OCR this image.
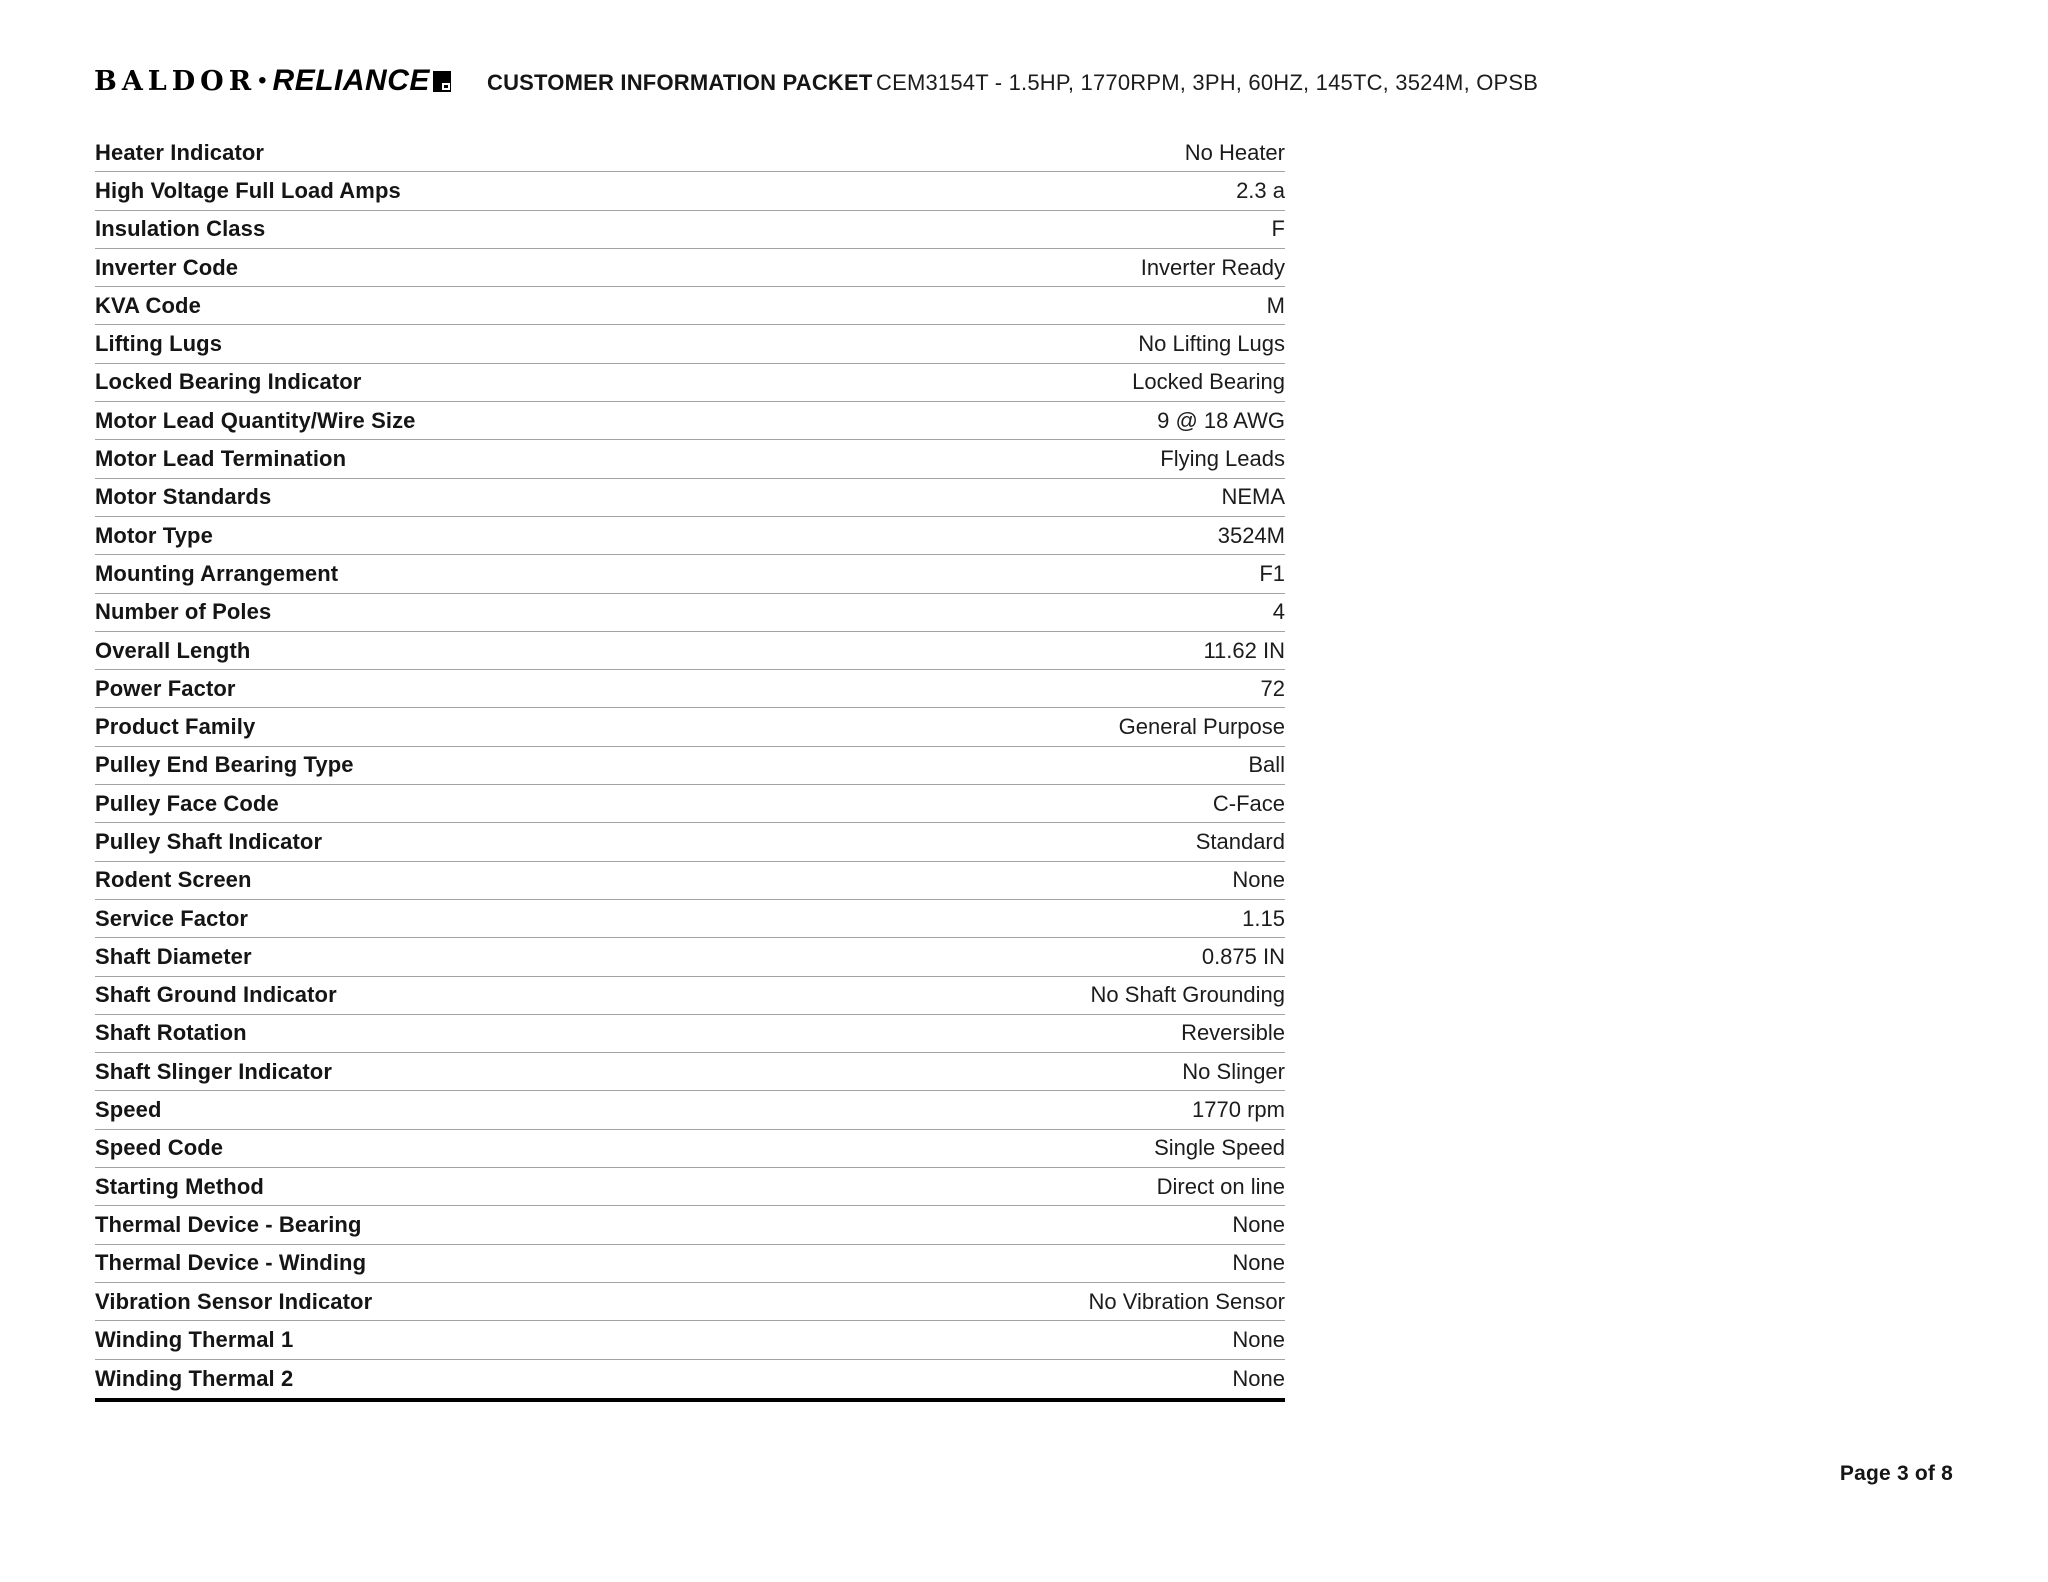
BALDOR • RELIANCE	CUSTOMER INFORMATION PACKET CEM3154T - 1.5HP, 1770RPM, 3PH, 60HZ, 145TC, 3524M, OPSB
Heater Indicator	No Heater
High Voltage Full Load Amps	2.3 a
Insulation Class	F
Inverter Code	Inverter Ready
KVA Code	M
Lifting Lugs	No Lifting Lugs
Locked Bearing Indicator	Locked Bearing
Motor Lead Quantity/Wire Size	9 @ 18 AWG
Motor Lead Termination	Flying Leads
Motor Standards	NEMA
Motor Type	3524M
Mounting Arrangement	F1
Number of Poles	4
Overall Length	11.62 IN
Power Factor	72
Product Family	General Purpose
Pulley End Bearing Type	Ball
Pulley Face Code	C-Face
Pulley Shaft Indicator	Standard
Rodent Screen	None
Service Factor	1.15
Shaft Diameter	0.875 IN
Shaft Ground Indicator	No Shaft Grounding
Shaft Rotation	Reversible
Shaft Slinger Indicator	No Slinger
Speed	1770 rpm
Speed Code	Single Speed
Starting Method	Direct on line
Thermal Device - Bearing	None
Thermal Device - Winding	None
Vibration Sensor Indicator	No Vibration Sensor
Winding Thermal 1	None
Winding Thermal 2	None
Page 3 of 8
